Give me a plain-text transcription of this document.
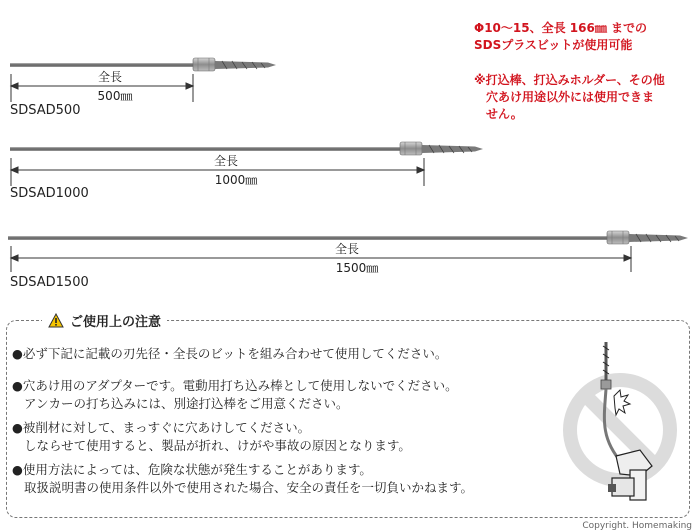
全長
500㎜
SDSAD500
全長
1000㎜
SDSAD1000
全長
1500㎜
SDSAD1500
Φ10～15、全長 166㎜ までの
SDSプラスビットが使用可能
※打込棒、打込みホルダー、その他
穴あけ用途以外には使用できま
せん。
ご使用上の注意
●必ず下記に記載の刃先径・全長のビットを組み合わせて使用してください。
●穴あけ用のアダプターです。電動用打ち込み棒として使用しないでください。
アンカーの打ち込みには、別途打込棒をご用意ください。
●被削材に対して、まっすぐに穴あけしてください。
しならせて使用すると、製品が折れ、けがや事故の原因となります。
●使用方法によっては、危険な状態が発生することがあります。
取扱説明書の使用条件以外で使用された場合、安全の責任を一切負いかねます。
Copyright. Homemaking
